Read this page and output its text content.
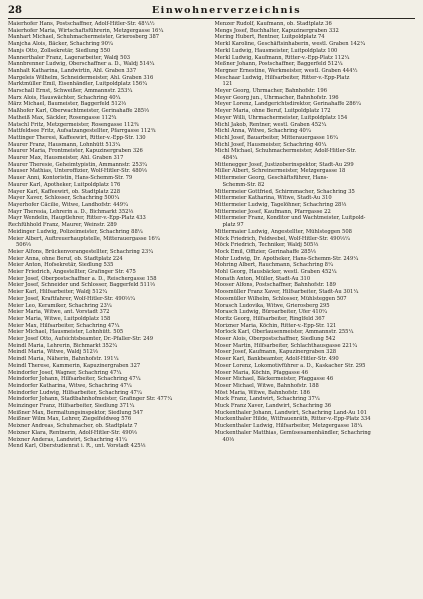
28	Einwohnerverzeichnis
Maierhofer Hans, Postschaffner, Adolf-Hitler-Str. 48¼½
Maierhofer Maria, Wirtschaftsführerin, Metzgergasse 16¼
Manhart Michael, Schuhmachermeister, Grierosberg 387
Manjcha Alois, Bäcker, Schachring 90¼
Manjs Otto, Zollsekretär, Siedlung 550
Mannerthaler Franz, Lagerarbeiter, Waldj 503
Mannbrenner Ludwig, Oberschaffner a. D., Waldj 514¼
Manhalt Katharina, Landwirtin, Ahl. Graben 337
Margeleis Wilhelm, Schneidermeister, Ahl. Graben 316
Marktmüller Emil, Eisenhändler, Luitpoldplatz 156¼
Marschall Ernst, Schweißer, Ammannstr. 253¼
Marx Alois, Hauswächter, Schachring 40¼
März Michael, Baumeister, Baggerfeld 512⅓
Maßhofer Karl, Oberwachtmeister, Gerinahaffe 285⅓
Matheiß Max, Säckler, Rosengasse 112¾
Matschl Fritz, Metzgermeister, Rosengasse 112¾
Mattfeldsee Fritz, Aufsatzangestellter, Pfarrgasse 112¾
Mattinger Theresi, Kaffeewirt, Ritter-v.-Epp-Str. 130
Maurer Franz, Hausmann, Lohnhütt 513¼
Maurer Maria, Frontmeister, Kapuzinergraben 326
Maurer Max, Hausmeister, Ahl. Graben 317
Maurer Theresie, Geheimtypistin, Ammannstr. 253¼
Mauser Mathias, Unteroffizier, Wolf-Hitler-Str. 480⅓
Mauer Anni, Kontoristin, Hans-Schemm-Str. 79
Maurer Karl, Apotheker, Luitpoldplatz 176
Mayer Karl, Kaffeewirt, ob. Stadtplatz 228
Mayer Xaver, Schlosser, Schachring 500¼
Mayerhofer Cäcilie, Witwe, Landhofstr. 449¼
Mayr Theresia, Lehrerin a. D., Bichmarkt 352⅓
Mayr Wendelin, Hauptlehrer, Ritter-v.-Epp-Platz 433
Rechfühhold Franz, Maurer, Weinstr. 289
Meidinger Ludwig, Polizeimeister, Schachring 88¼
Meier Albert, Auftreuerhauptstelle, Mitterauergasse 16¼
506⅓
Meier Alfons, Brückenvorangestellter, Schachring 23¼
Meier Anna, ohne Beruf, ob. Stadtplatz 224
Meier Anton, Hofsekretär, Siedlung 535
Meier Friedrich, Angestellter, Grafinger Str. 475
Meier Josef, Oberpostschaffner a. D., Reischergasse 158
Meier Josef, Schneider und Schlosser, Baggerfeld 511⅓
Meier Karl, Hilfsarbeiter, Waldj 512¼
Meier Josef, Kraftfahrer, Wolf-Hitler-Str. 490⅓¼
Meier Leo, Keramiker, Schachring 23¼
Meier Maria, Witwe, ant. Vorstadt 372
Meier Maria, Witwe, Luitpoldplatz 158
Meier Max, Hilfsarbeiter, Schachring 47¼
Meier Michael, Hausmeister, Lohnhütt. 505
Meier Josef Otto, Aufsichtsbeamter, Dr.-Pfaller-Str. 249
Meindl Maria, Lehrerin, Bichmarkt 352¼
Meindl Maria, Witwe, Waldj 512⅓
Meindl Maria, Näherin, Bahnhofstr. 191¼
Meindl Therese, Kammerin, Kapuzinergraben 327
Meindorfer Josef, Wagner, Schachring 47¼
Meindorfer Johann, Hilfsarbeiter, Schachring 47¼
Meindorfer Katharina, Witwe, Schachring 47¼
Meindorfer Ludwig, Hilfsarbeiter, Schachring 47¼
Meindorfer Johann, Stadtbahnhofmeister, Grafinger Str. 477¼
Meinzinger Franz, Hilfsarbeiter, Siedlung 371¼
Meißner Max, Bermaltungsinspektor, Siedlung 547
Meißner Wilm Max, Lehrer, Ziegelfeldweg 576
Meixner Andreas, Schuhmacher, ob. Stadtplatz 7
Meixner Klara, Rentnerin, Adolf-Hitler-Str. 490⅓
Meixner Anderas, Landwirt, Schachring 41¼
Mend Karl, Oberstudienrat i. R., unt. Vorstadt 425⅓
Menzer Rudolf, Kaufmann, ob. Stadtplatz 36
Mengs Josef, Buchhalter, Kapuzinergraben 332
Mering Hubert, Rentner, Luitpoldplatz 74
Merkl Karoline, Geschäftsinhaberin, westl. Graben 142¼
Merkl Ludwig, Hausmeister, Luitpoldplatz 100
Merkl Ludwig, Kaufmann, Ritter-v.-Epp-Platz 112¼
Meßner Johann, Postschaffner, Baggerfeld 512¼
Mergner Ernestine, Werkmeister, westl. Graben 444½
Meschaar Ludwig, Hilfsarbeiter, Ritter-v.-Epp-Platz
121
Meyer Georg, Uhrmacher, Bahnhofstr. 196
Meyer Georg jun., Uhrmacher, Bahnhofstr. 196
Meyer Lorenz, Landgerichtsdirektor, Gerinahaffe 286¼
Meyer Maria, ohne Beruf, Luitpoldplatz 172
Meyer Willi, Uhrmachermeister, Luitpoldplatz 154
Michl Jakob, Rentner, westl. Graben 452¼
Michl Anna, Witwe, Schachring 40¼
Michl Josef, Bauarbeiter, Mitterauergasse 16¼
Michl Josef, Hausmeister, Schachring 40¼
Michl Michael, Schuhmachermeister, Adolf-Hitler-Str.
484¼
Mittenegger Josef, Justizoberinspektor, Stadt-Au 299
Miller Albert, Schreinermeister, Metzgergasse 18
Mittermeier Georg, Geschäftsführer, Hans-
Schemm-Str. 82
Mittermeier Gottfried, Schirmmacher, Schachring 35
Mittermeier Katharina, Witwe, Stadt-Au 310
Mittermeier Ludwig, Tagelöhner, Schachring 28⅓
Mittermeier Josef, Kaufmann, Pfarrgasse 22
Mittermeier Franz, Konditor und Wachtmeister, Luitpold-
platz 97
Mittermaier Ludwig, Angestellter, Mühlsteggen 508
Möck Friedrich, Feldwebel, Wolf-Hitler-Str. 490⅓¼
Möck Friedrich, Techniker, Waldj 505⅓
Mock Emil, Offizier, Gerinahaffe 285⅓
Mohr Ludwig, Dr. Apotheker, Hans-Schemm-Str. 249¼
Mohring Albert, Rauchmann, Schachring 8¼
Mohl Georg, Hausbäcker, westl. Graben 452¼
Monath Anton, Müller, Stadt-Au 310
Mooser Alfons, Postschaffner, Bahnhofstr. 189
Moosmüller Franz Xaver, Hilfsarbeiter, Stadt-Au 301¼
Moosmüller Wilhelm, Schlosser, Mühlsteggen 507
Morasch Ludovika, Witwe, Grierosberg 295
Morasch Ludwig, Büroarbeiter, Ufer 410¼
Moritz Georg, Hilfsarbeiter, Ringlfeld 367
Morizner Maria, Köchin, Ritter-v.-Epp-Str. 121
Morlock Karl, Oberlausenmeister, Ammannstr. 255¼
Moser Alois, Oberpostschaffner, Siedlung 542
Moser Martin, Hilfsarbeiter, Schlachthausgasse 221¼
Moser Josef, Kaufmann, Kapuzinergraben 328
Moser Karl, Bankbeamter, Adolf-Hitler-Str. 490
Moser Lorenz, Lokomotivführer a. D., Kaskacher Str. 295
Moser Maria, Köchin, Pfaggasse 46
Moser Michael, Bäckermeister, Pfaggasse 46
Moser Michael, Witwe, Bahnhofstr. 188
Möst Maria, Witwe, Bahnhofstr. 186
Muck Franz, Landwirt, Schachring 37¼
Muck Franz Xaver, Landwirt, Schachring 36
Muckenthaler Johann, Landwirt, Schachring Land-Au 101
Muckenthaler Hilde, Witfrauenräth, Ritter-v.-Epp-Platz 334
Muckenthaler Ludwig, Hilfsarbeiter, Metzgergasse 18¼
Muckenthaler Matthias, Gemüsesamenhändler, Schachring
40⅓
